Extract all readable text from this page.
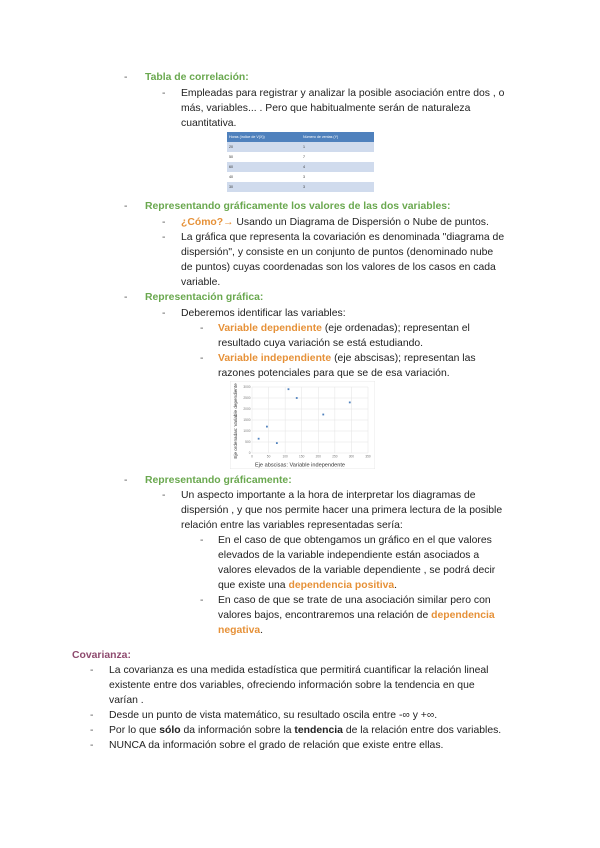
- Tabla de correlación:
- Empleadas para registrar y analizar la posible asociación entre dos , o
más, variables... . Pero que habitualmente serán de naturaleza
cuantitativa.
Horas (índice de V(X))	Número de ventas (Y)
20	1
50	7
60	4
40	3
30	3
- Representando gráficamente los valores de las dos variables:
- ¿Cómo?→ Usando un Diagrama de Dispersión o Nube de puntos.
- La gráfica que representa la covariación es denominada "diagrama de
dispersión", y consiste en un conjunto de puntos (denominado nube
de puntos) cuyas coordenadas son los valores de los casos en cada
variable.
- Representación gráfica:
- Deberemos identificar las variables:
- Variable dependiente (eje ordenadas); representan el
resultado cuya variación se está estudiando.
- Variable independiente (eje abscisas); representan las
razones potenciales para que se de esa variación.
0
500
1000
1500
2000
2500
3000
0	50	100	150	200	250	300	350
Eje abscisas: Variable independente
Eje ordenadas: Variable dependiente
- Representando gráficamente:
- Un aspecto importante a la hora de interpretar los diagramas de
dispersión , y que nos permite hacer una primera lectura de la posible
relación entre las variables representadas sería:
- En el caso de que obtengamos un gráfico en el que valores
elevados de la variable independiente están asociados a
valores elevados de la variable dependiente , se podrá decir
que existe una dependencia positiva.
- En caso de que se trate de una asociación similar pero con
valores bajos, encontraremos una relación de dependencia
negativa.
Covarianza:
- La covarianza es una medida estadística que permitirá cuantificar la relación lineal
existente entre dos variables, ofreciendo información sobre la tendencia en que
varían .
- Desde un punto de vista matemático, su resultado oscila entre -∞ y +∞.
- Por lo que sólo da información sobre la tendencia de la relación entre dos variables.
- NUNCA da información sobre el grado de relación que existe entre ellas.
